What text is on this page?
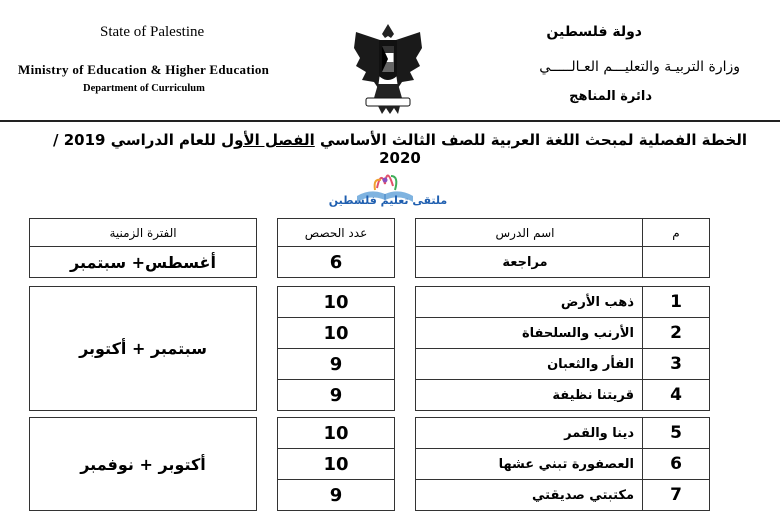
State of Palestine
Ministry of Education & Higher Education
Department of Curriculum
دولة فلسطين
وزارة التربيـة والتعليـــم العـالـــــي
دائرة المناهج
الخطة الفصلية لمبحث اللغة العربية للصف الثالث الأساسي الفصل الأول للعام الدراسي 2019 / 2020
ملتقى تعليم فلسطين
م	اسم الدرس		عدد الحصص		الفترة الزمنية
	مراجعة		6		أغسطس+ سبتمبر

1	ذهب الأرض		10		سبتمبر + أكتوبر
2	الأرنب والسلحفاة		10		
3	الفأر والثعبان		9		
4	قريتنا نظيفة		9		

5	دينا والقمر		10		أكتوبر + نوفمبر
6	العصفورة تبني عشها		10		
7	مكتبتي صديقتي		9		
